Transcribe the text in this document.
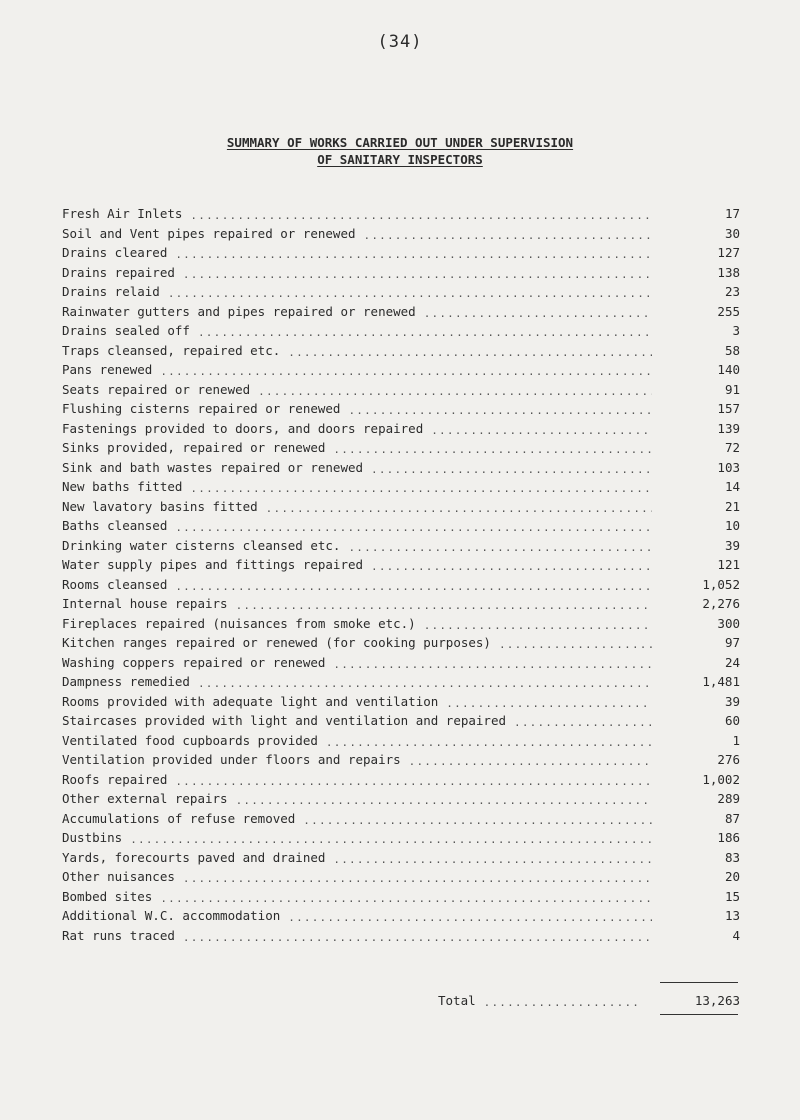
(34)
SUMMARY OF WORKS CARRIED OUT UNDER SUPERVISION
OF SANITARY INSPECTORS
Fresh Air Inlets .....	17
Soil and Vent pipes repaired or renewed .....	30
Drains cleared .....	127
Drains repaired .....	138
Drains relaid .....	23
Rainwater gutters and pipes repaired or renewed .....	255
Drains sealed off .....	3
Traps cleansed, repaired etc. .....	58
Pans renewed .....	140
Seats repaired or renewed .....	91
Flushing cisterns repaired or renewed .....	157
Fastenings provided to doors, and doors repaired .....	139
Sinks provided, repaired or renewed .....	72
Sink and bath wastes repaired or renewed .....	103
New baths fitted .....	14
New lavatory basins fitted .....	21
Baths cleansed .....	10
Drinking water cisterns cleansed etc. .....	39
Water supply pipes and fittings repaired .....	121
Rooms cleansed .....	1,052
Internal house repairs .....	2,276
Fireplaces repaired (nuisances from smoke etc.) .....	300
Kitchen ranges repaired or renewed (for cooking purposes) .....	97
Washing coppers repaired or renewed .....	24
Dampness remedied .....	1,481
Rooms provided with adequate light and ventilation .....	39
Staircases provided with light and ventilation and repaired .....	60
Ventilated food cupboards provided .....	1
Ventilation provided under floors and repairs .....	276
Roofs repaired .....	1,002
Other external repairs .....	289
Accumulations of refuse removed .....	87
Dustbins .....	186
Yards, forecourts paved and drained .....	83
Other nuisances .....	20
Bombed sites .....	15
Additional W.C. accommodation .....	13
Rat runs traced .....	4
Total .....	13,263
